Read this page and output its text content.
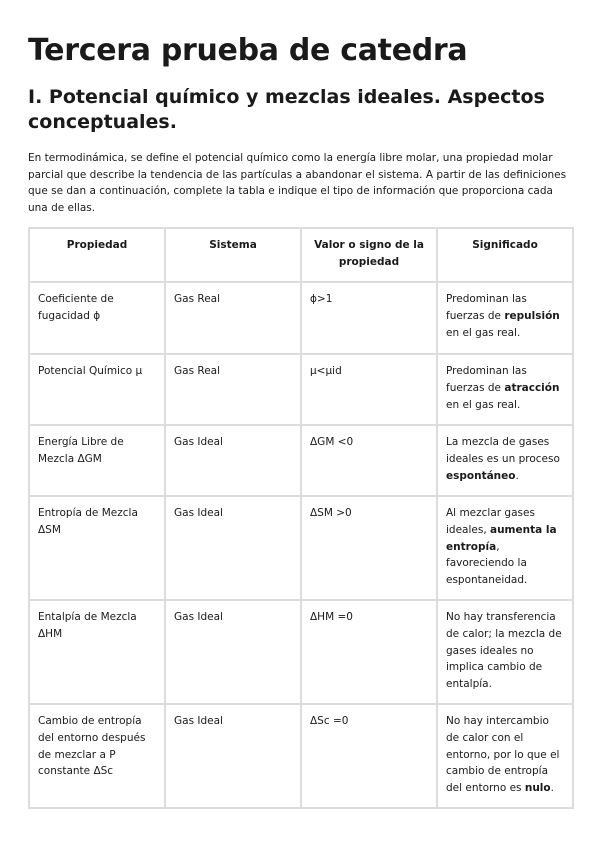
Tercera prueba de catedra
I. Potencial químico y mezclas ideales. Aspectos conceptuales.

En termodinámica, se define el potencial químico como la energía libre molar, una propiedad molar parcial que describe la tendencia de las partículas a abandonar el sistema. A partir de las definiciones que se dan a continuación, complete la tabla e indique el tipo de información que proporciona cada una de ellas.

Propiedad	Sistema	Valor o signo de la propiedad	Significado
Coeficiente de fugacidad ϕ	Gas Real	ϕ>1	Predominan las fuerzas de repulsión en el gas real.
Potencial Químico μ	Gas Real	μ<μid	Predominan las fuerzas de atracción en el gas real.
Energía Libre de Mezcla ΔGM	Gas Ideal	ΔGM <0	La mezcla de gases ideales es un proceso espontáneo.
Entropía de Mezcla ΔSM	Gas Ideal	ΔSM >0	Al mezclar gases ideales, aumenta la entropía, favoreciendo la espontaneidad.
Entalpía de Mezcla ΔHM	Gas Ideal	ΔHM =0	No hay transferencia de calor; la mezcla de gases ideales no implica cambio de entalpía.
Cambio de entropía del entorno después de mezclar a P constante ΔSc	Gas Ideal	ΔSc =0	No hay intercambio de calor con el entorno, por lo que el cambio de entropía del entorno es nulo.
